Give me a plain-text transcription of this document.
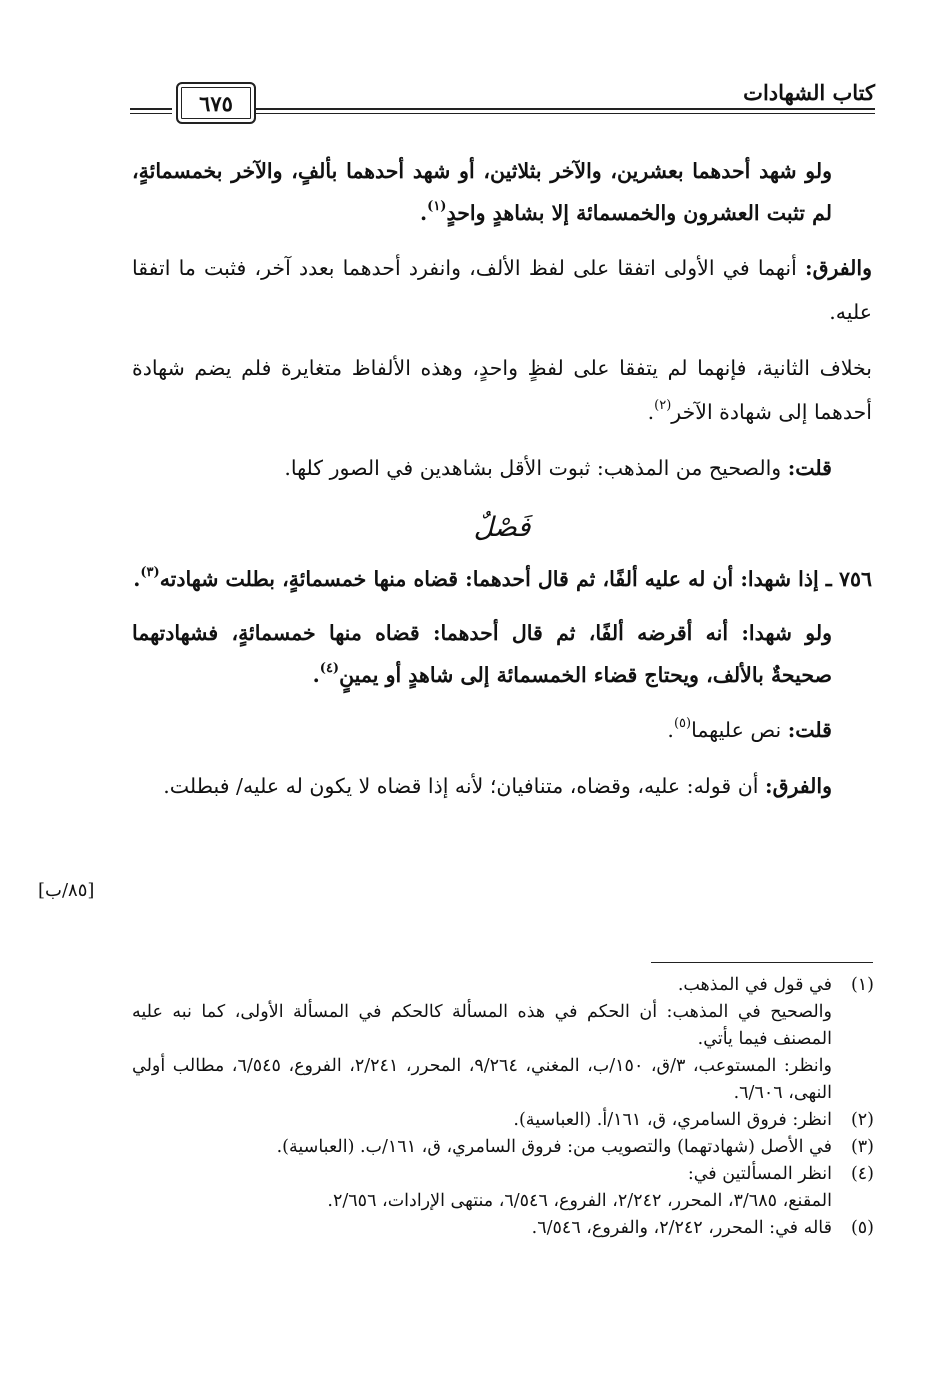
كتاب الشهادات
٦٧٥

ولو شهد أحدهما بعشرين، والآخر بثلاثين، أو شهد أحدهما بألفٍ، والآخر بخمسمائةٍ، لم تثبت العشرون والخمسمائة إلا بشاهدٍ واحدٍ$^{(١)}$.

والفرق: أنهما في الأولى اتفقا على لفظ الألف، وانفرد أحدهما بعدد آخر، فثبت ما اتفقا عليه.

بخلاف الثانية، فإنهما لم يتفقا على لفظٍ واحدٍ، وهذه الألفاظ متغايرة فلم يضم شهادة أحدهما إلى شهادة الآخر$^{(٢)}$.

قلت: والصحيح من المذهب: ثبوت الأقل بشاهدين في الصور كلها.

فَصْلٌ

٧٥٦ ـ إذا شهدا: أن له عليه ألفًا، ثم قال أحدهما: قضاه منها خمسمائةٍ، بطلت شهادته$^{(٣)}$.

ولو شهدا: أنه أقرضه ألفًا، ثم قال أحدهما: قضاه منها خمسمائةٍ، فشهادتهما صحيحةٌ بالألف، ويحتاج قضاء الخمسمائة إلى شاهدٍ أو يمينٍ$^{(٤)}$.

قلت: نص عليهما$^{(٥)}$.

والفرق: أن قوله: عليه، وقضاه، متنافيان؛ لأنه إذا قضاه لا يكون له عليه/ فبطلت.

[٨٥/ب]
(١)في قول في المذهب.
والصحيح في المذهب: أن الحكم في هذه المسألة كالحكم في المسألة الأولى، كما نبه عليه المصنف فيما يأتي.
وانظر: المستوعب، ٣/ق، ١٥٠/ب، المغني، ٩/٢٦٤، المحرر، ٢/٢٤١، الفروع، ٦/٥٤٥، مطالب أولي النهى، ٦/٦٠٦.
(٢)انظر: فروق السامري، ق، ١٦١/أ. (العباسية).
(٣)في الأصل (شهادتهما) والتصويب من: فروق السامري، ق، ١٦١/ب. (العباسية).
(٤)انظر المسألتين في:
المقنع، ٣/٦٨٥، المحرر، ٢/٢٤٢، الفروع، ٦/٥٤٦، منتهى الإرادات، ٢/٦٥٦.
(٥)قاله في: المحرر، ٢/٢٤٢، والفروع، ٦/٥٤٦.
